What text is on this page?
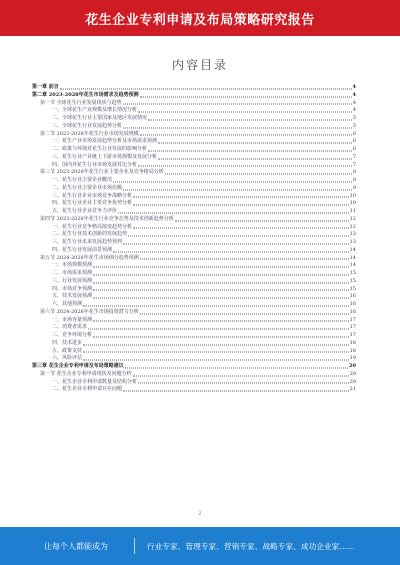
花生企业专利申请及布局策略研究报告
内容目录
第一章 前言	4
第二章 2023-2028年花生市场需求及趋势预测	4
第一节 全球花生行业发展现状与趋势	4
一、全球花生产业规模及增长情况分析	4
二、全球花生行业主要国家及地区发展情况	5
三、全球花生行业发展趋势分析	5
第二节 2023-2028年花生行业市场发展规模	6
一、花生产业市场发展趋势分析及市场需求预测	6
二、政策与环境对花生行业发展的影响分析	6
三、花生行业产业链上下游市场规模及发展分析	7
四、国内外花生行业市场发展对比分析	7
第三节 2023-2028年花生行业主要企业及竞争格局分析	8
一、花生行业主要企业概况	8
二、花生行业主要企业市场份额	9
三、花生行业企业市场竞争战略分析	10
四、花生行业企业主要竞争优势分析	10
五、花生行业企业竞争力评价	11
第四节 2023-2028年花生行业竞争态势及技术创新趋势分析	12
一、花生行业竞争格局演变趋势分析	12
二、花生行业技术创新的发展趋势	13
三、花生行业未来发展趋势预判	13
四、花生行业发展前景预测	14
第五节 2024-2028年花生市场细分趋势预测	14
一、市场规模预测	14
二、市场需求预测	15
三、行业发展预测	15
四、市场竞争预测	15
五、技术发展预测	16
六、其他预测	16
第六节 2024-2028年花生市场投资潜力分析	16
一、市场容量预测	17
二、消费者需求	17
三、竞争环境分析	17
四、技术进步	18
五、政策支持	18
六、风险评估	19
第三章 花生企业专利申请及布局策略建议	20
第一节 花生企业专利申请现状及问题分析	20
一、花生企业专利申请数量及结构分析	20
二、花生企业专利申请存在问题	21
2
让每个人都能成为	行业专家、管理专家、营销专家、战略专家、成功企业家……
